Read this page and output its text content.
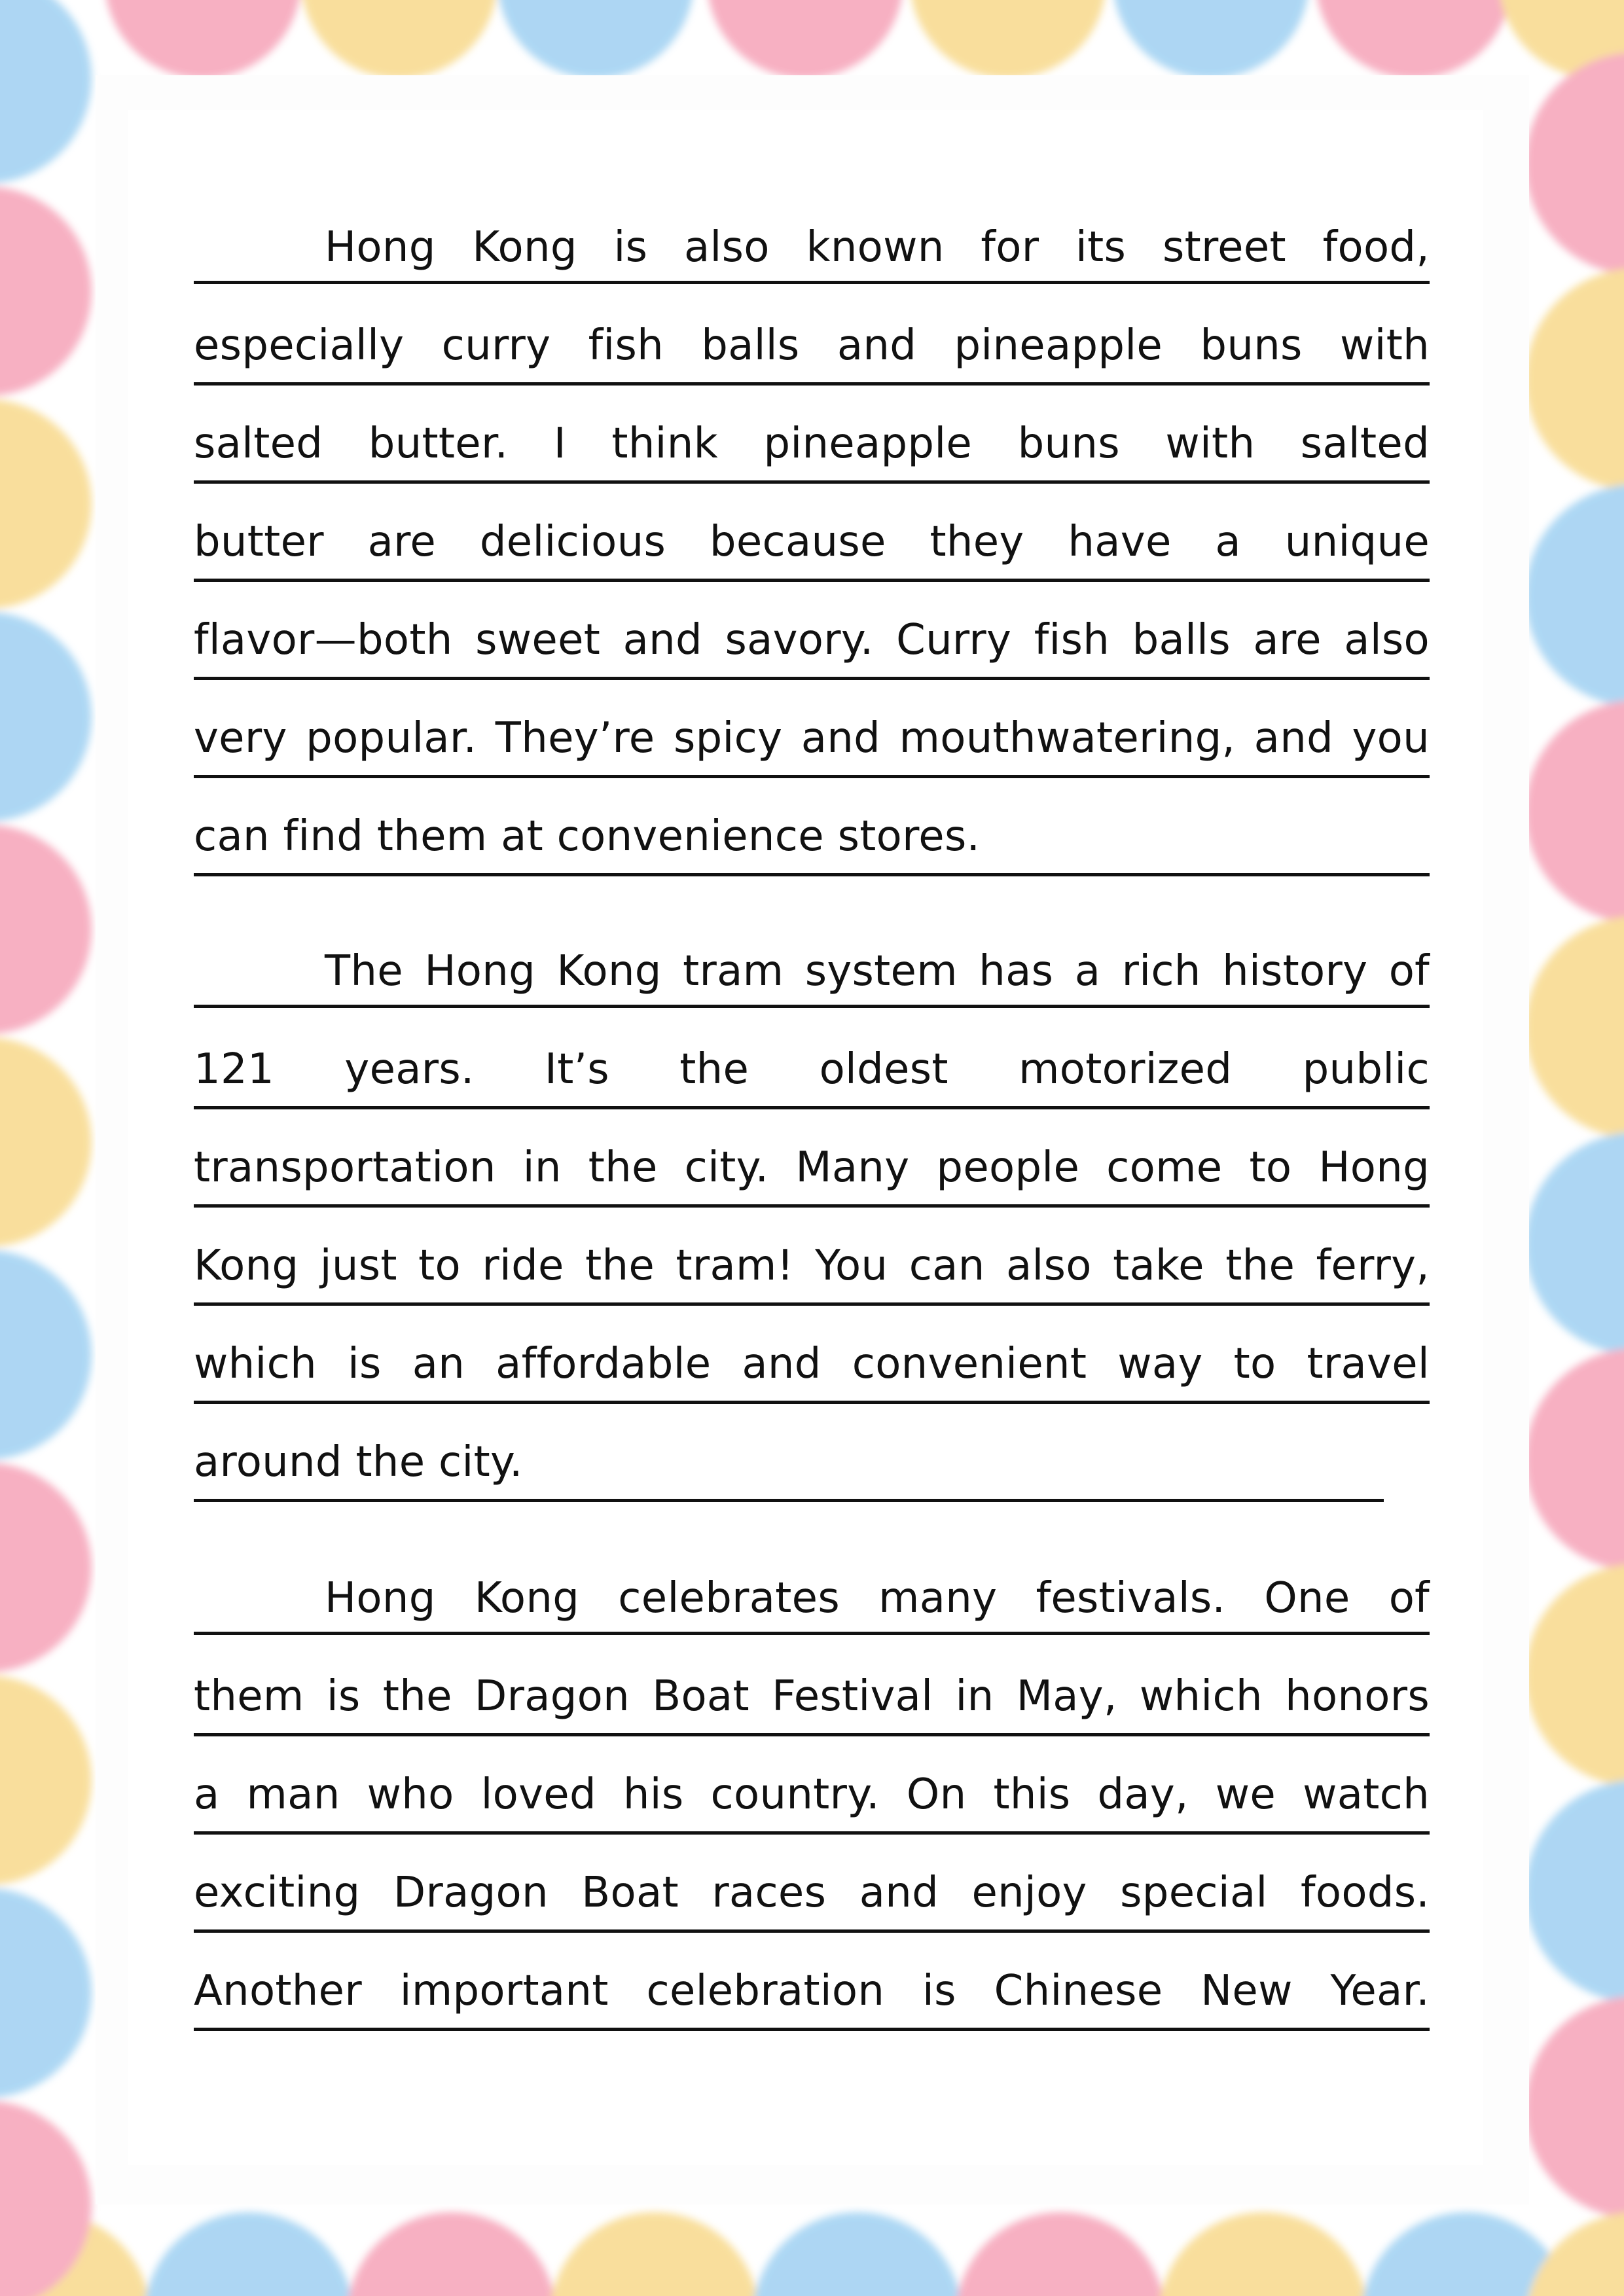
Hong Kong is also known for its street food,
especially curry fish balls and pineapple buns with
salted butter. I think pineapple buns with salted
butter are delicious because they have a unique
flavor—both sweet and savory. Curry fish balls are also
very popular. They’re spicy and mouthwatering, and you
can find them at convenience stores.
The Hong Kong tram system has a rich history of
121 years. It’s the oldest motorized public
transportation in the city. Many people come to Hong
Kong just to ride the tram! You can also take the ferry,
which is an affordable and convenient way to travel
around the city.
Hong Kong celebrates many festivals. One of
them is the Dragon Boat Festival in May, which honors
a man who loved his country. On this day, we watch
exciting Dragon Boat races and enjoy special foods.
Another important celebration is Chinese New Year.
